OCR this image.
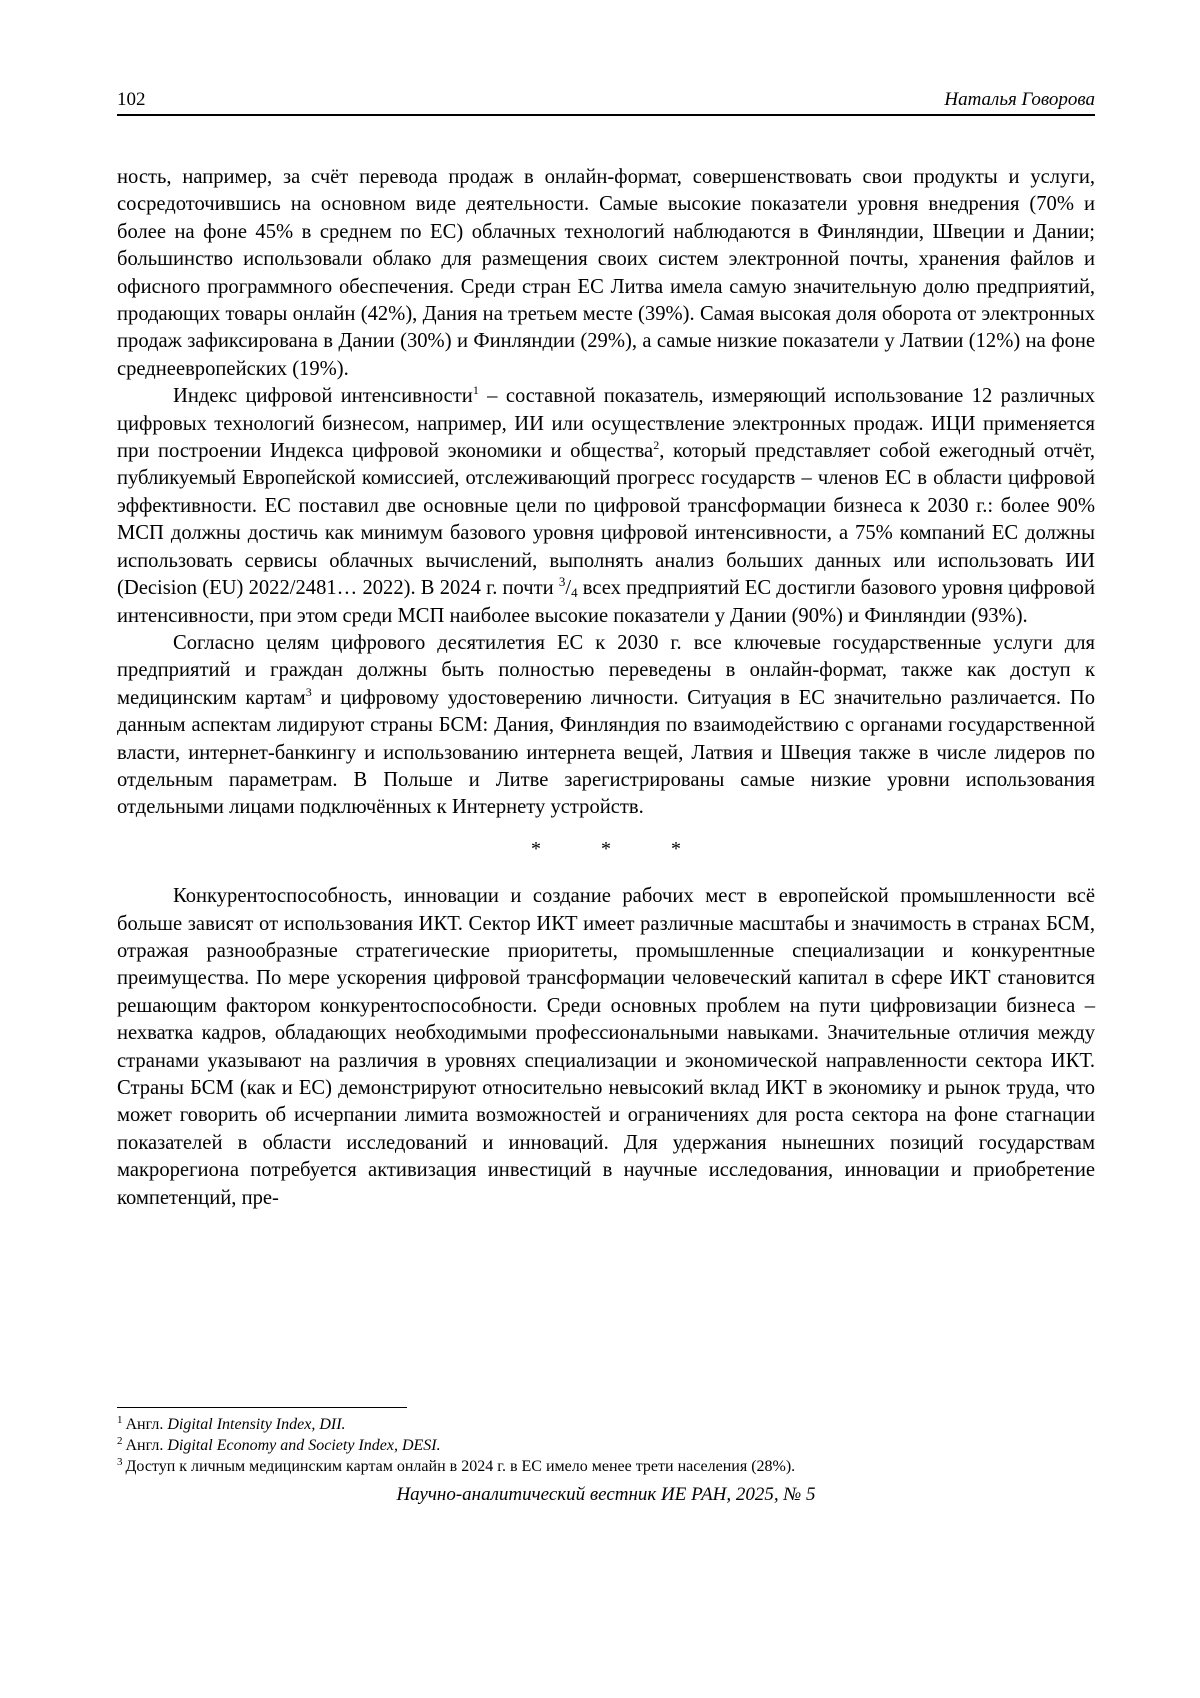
102	Наталья Говорова

ность, например, за счёт перевода продаж в онлайн-формат, совершенствовать свои продукты и услуги, сосредоточившись на основном виде деятельности. Самые высокие показатели уровня внедрения (70% и более на фоне 45% в среднем по ЕС) облачных технологий наблюдаются в Финляндии, Швеции и Дании; большинство использовали облако для размещения своих систем электронной почты, хранения файлов и офисного программного обеспечения. Среди стран ЕС Литва имела самую значительную долю предприятий, продающих товары онлайн (42%), Дания на третьем месте (39%). Самая высокая доля оборота от электронных продаж зафиксирована в Дании (30%) и Финляндии (29%), а самые низкие показатели у Латвии (12%) на фоне среднеевропейских (19%).

Индекс цифровой интенсивности$^1$ – составной показатель, измеряющий использование 12 различных цифровых технологий бизнесом, например, ИИ или осуществление электронных продаж. ИЦИ применяется при построении Индекса цифровой экономики и общества$^2$, который представляет собой ежегодный отчёт, публикуемый Европейской комиссией, отслеживающий прогресс государств – членов ЕС в области цифровой эффективности. ЕС поставил две основные цели по цифровой трансформации бизнеса к 2030 г.: более 90% МСП должны достичь как минимум базового уровня цифровой интенсивности, а 75% компаний ЕС должны использовать сервисы облачных вычислений, выполнять анализ больших данных или использовать ИИ (Decision (EU) 2022/2481… 2022). В 2024 г. почти $^3/_4$ всех предприятий ЕС достигли базового уровня цифровой интенсивности, при этом среди МСП наиболее высокие показатели у Дании (90%) и Финляндии (93%).

Согласно целям цифрового десятилетия ЕС к 2030 г. все ключевые государственные услуги для предприятий и граждан должны быть полностью переведены в онлайн-формат, также как доступ к медицинским картам$^3$ и цифровому удостоверению личности. Ситуация в ЕС значительно различается. По данным аспектам лидируют страны БСМ: Дания, Финляндия по взаимодействию с органами государственной власти, интернет-банкингу и использованию интернета вещей, Латвия и Швеция также в числе лидеров по отдельным параметрам. В Польше и Литве зарегистрированы самые низкие уровни использования отдельными лицами подключённых к Интернету устройств.

*	*	*

Конкурентоспособность, инновации и создание рабочих мест в европейской промышленности всё больше зависят от использования ИКТ. Сектор ИКТ имеет различные масштабы и значимость в странах БСМ, отражая разнообразные стратегические приоритеты, промышленные специализации и конкурентные преимущества. По мере ускорения цифровой трансформации человеческий капитал в сфере ИКТ становится решающим фактором конкурентоспособности. Среди основных проблем на пути цифровизации бизнеса – нехватка кадров, обладающих необходимыми профессиональными навыками. Значительные отличия между странами указывают на различия в уровнях специализации и экономической направленности сектора ИКТ. Страны БСМ (как и ЕС) демонстрируют относительно невысокий вклад ИКТ в экономику и рынок труда, что может говорить об исчерпании лимита возможностей и ограничениях для роста сектора на фоне стагнации показателей в области исследований и инноваций. Для удержания нынешних позиций государствам макрорегиона потребуется активизация инвестиций в научные исследования, инновации и приобретение компетенций, пре-

$^1$ Англ. Digital Intensity Index, DII.
$^2$ Англ. Digital Economy and Society Index, DESI.
$^3$ Доступ к личным медицинским картам онлайн в 2024 г. в ЕС имело менее трети населения (28%).
Научно-аналитический вестник ИЕ РАН, 2025, № 5
